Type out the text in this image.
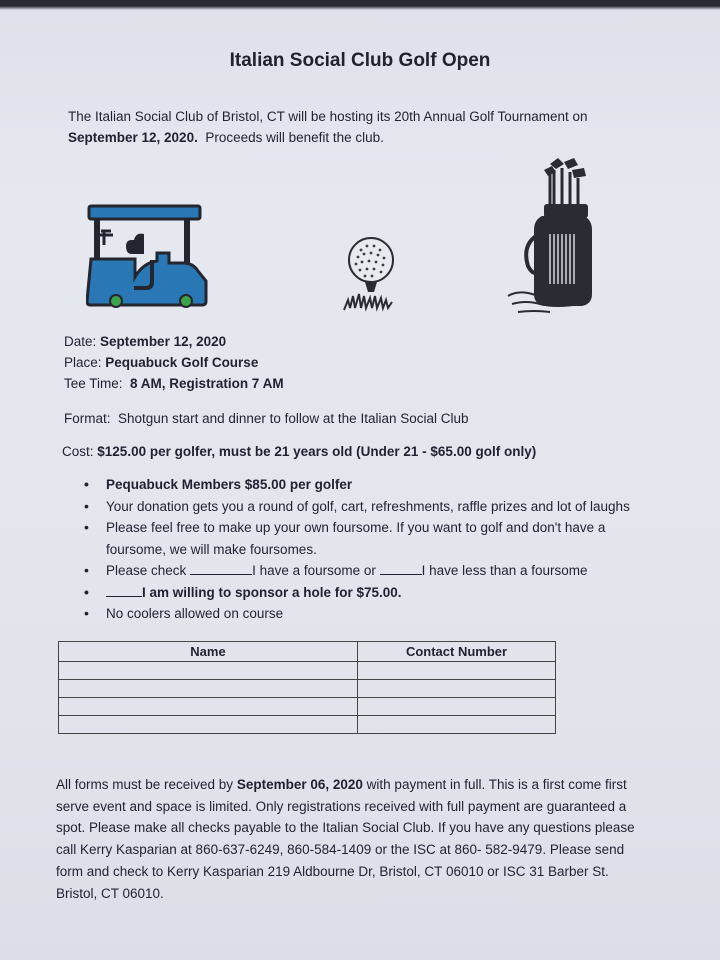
Italian Social Club Golf Open
The Italian Social Club of Bristol, CT will be hosting its 20th Annual Golf Tournament on
September 12, 2020. Proceeds will benefit the club.
Date: September 12, 2020
Place: Pequabuck Golf Course
Tee Time: 8 AM, Registration 7 AM
Format: Shotgun start and dinner to follow at the Italian Social Club
Cost: $125.00 per golfer, must be 21 years old (Under 21 - $65.00 golf only)
• Pequabuck Members $85.00 per golfer
• Your donation gets you a round of golf, cart, refreshments, raffle prizes and lot of laughs
• Please feel free to make up your own foursome. If you want to golf and don't have a
foursome, we will make foursomes.
• Please check	I have a foursome or	I have less than a foursome
• I am willing to sponsor a hole for $75.00.
• No coolers allowed on course
Name	Contact Number

All forms must be received by September 06, 2020 with payment in full. This is a first come first serve event and space is limited. Only registrations received with full payment are guaranteed a spot. Please make all checks payable to the Italian Social Club. If you have any questions please call Kerry Kasparian at 860-637-6249, 860-584-1409 or the ISC at 860- 582-9479. Please send form and check to Kerry Kasparian 219 Aldbourne Dr, Bristol, CT 06010 or ISC 31 Barber St. Bristol, CT 06010.
